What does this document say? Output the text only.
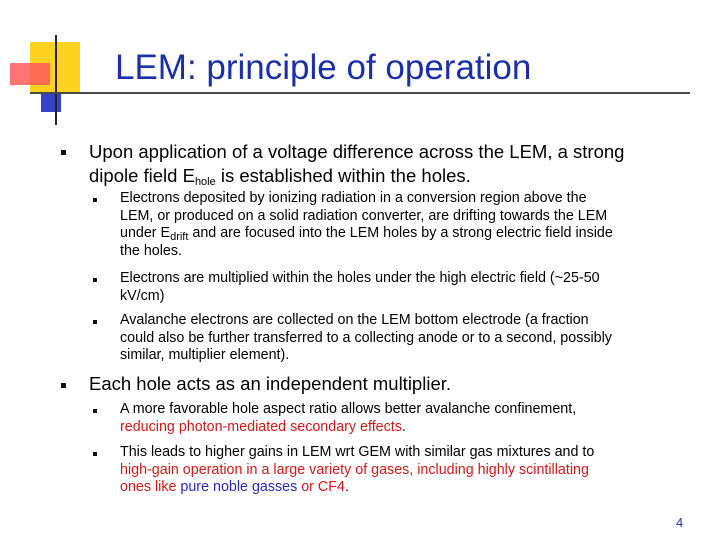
LEM: principle of operation
Upon application of a voltage difference across the LEM, a strong dipole field $E_{hole}$ is established within the holes.
Electrons deposited by ionizing radiation in a conversion region above the LEM, or produced on a solid radiation converter, are drifting towards the LEM under $E_{drift}$ and are focused into the LEM holes by a strong electric field inside the holes.
Electrons are multiplied within the holes under the high electric field (~25-50 kV/cm)
Avalanche electrons are collected on the LEM bottom electrode (a fraction could also be further transferred to a collecting anode or to a second, possibly similar, multiplier element).
Each hole acts as an independent multiplier.
A more favorable hole aspect ratio allows better avalanche confinement, reducing photon-mediated secondary effects.
This leads to higher gains in LEM wrt GEM with similar gas mixtures and to high-gain operation in a large variety of gases, including highly scintillating ones like pure noble gasses or CF4.
4
